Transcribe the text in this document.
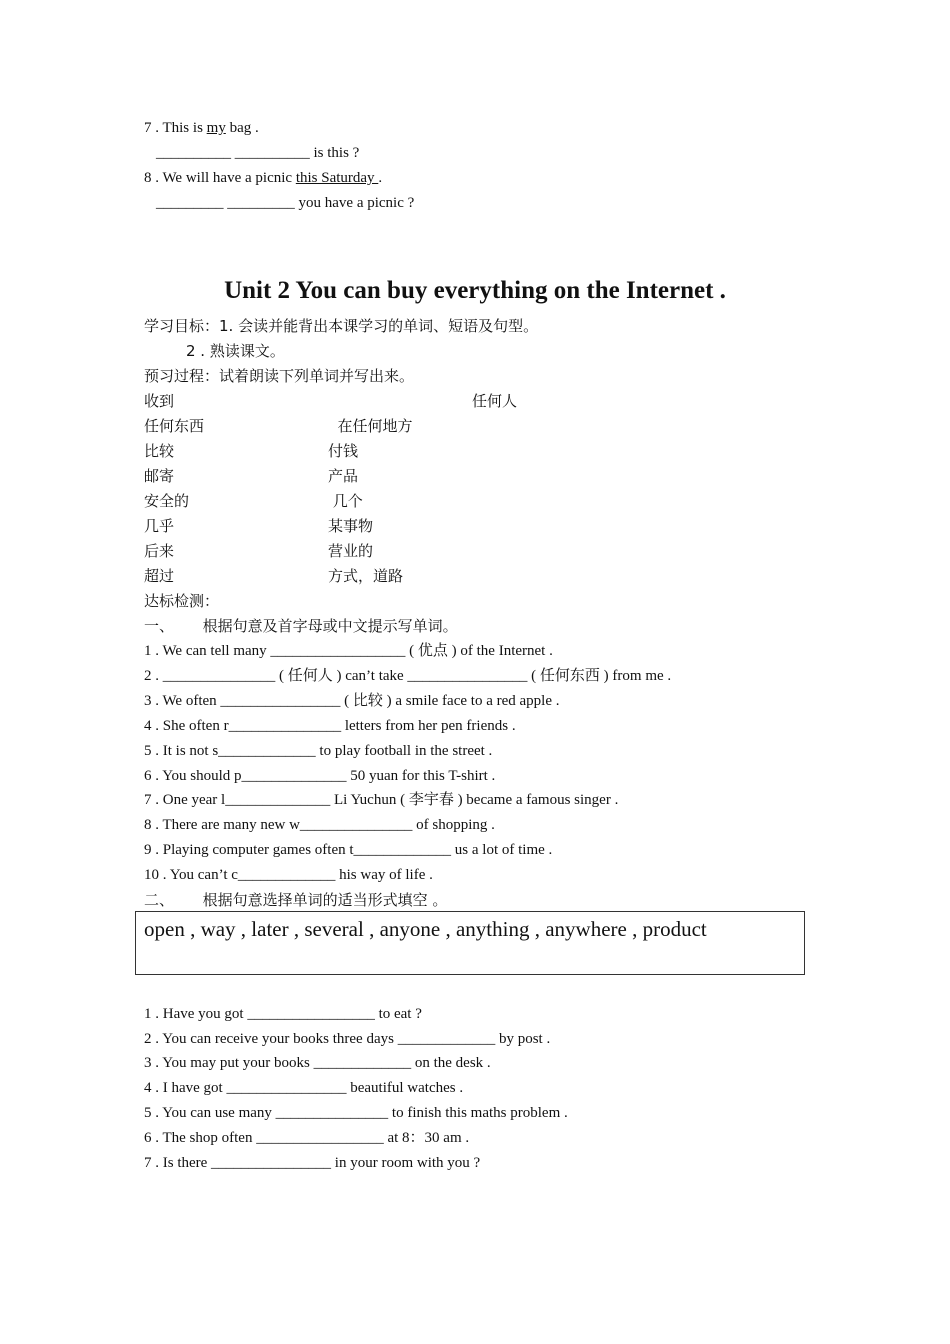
7 . This is my bag .
__________ __________ is this ?
8 . We will have a picnic this Saturday .
_________ _________ you have a picnic ?
Unit 2 You can buy everything on the Internet .
学习目标：1. 会读并能背出本课学习的单词、短语及句型。
2 . 熟读课文。
预习过程：试着朗读下列单词并写出来。
收到	任何人
任何东西	在任何地方
比较	付钱
邮寄	产品
安全的	几个
几乎	某事物
后来	营业的
超过	方式，道路
达标检测：
一、      根据句意及首字母或中文提示写单词。
1 . We can tell many __________________ ( 优点 ) of the Internet .
2 . _______________ ( 任何人 ) can’t take ________________ ( 任何东西 ) from me .
3 . We often ________________ ( 比较 ) a smile face to a red apple .
4 . She often r_______________ letters from her pen friends .
5 . It is not s_____________ to play football in the street .
6 . You should p______________ 50 yuan for this T-shirt .
7 . One year l______________ Li Yuchun ( 李宇春 ) became a famous singer .
8 . There are many new w_______________ of shopping .
9 . Playing computer games often t_____________ us a lot of time .
10 . You can’t c_____________ his way of life .
二、      根据句意选择单词的适当形式填空 。
open , way , later , several , anyone , anything , anywhere , product
1 . Have you got _________________ to eat ?
2 . You can receive your books three days _____________ by post .
3 . You may put your books _____________ on the desk .
4 . I have got ________________ beautiful watches .
5 . You can use many _______________ to finish this maths problem .
6 . The shop often _________________ at 8：30 am .
7 . Is there ________________ in your room with you ?
